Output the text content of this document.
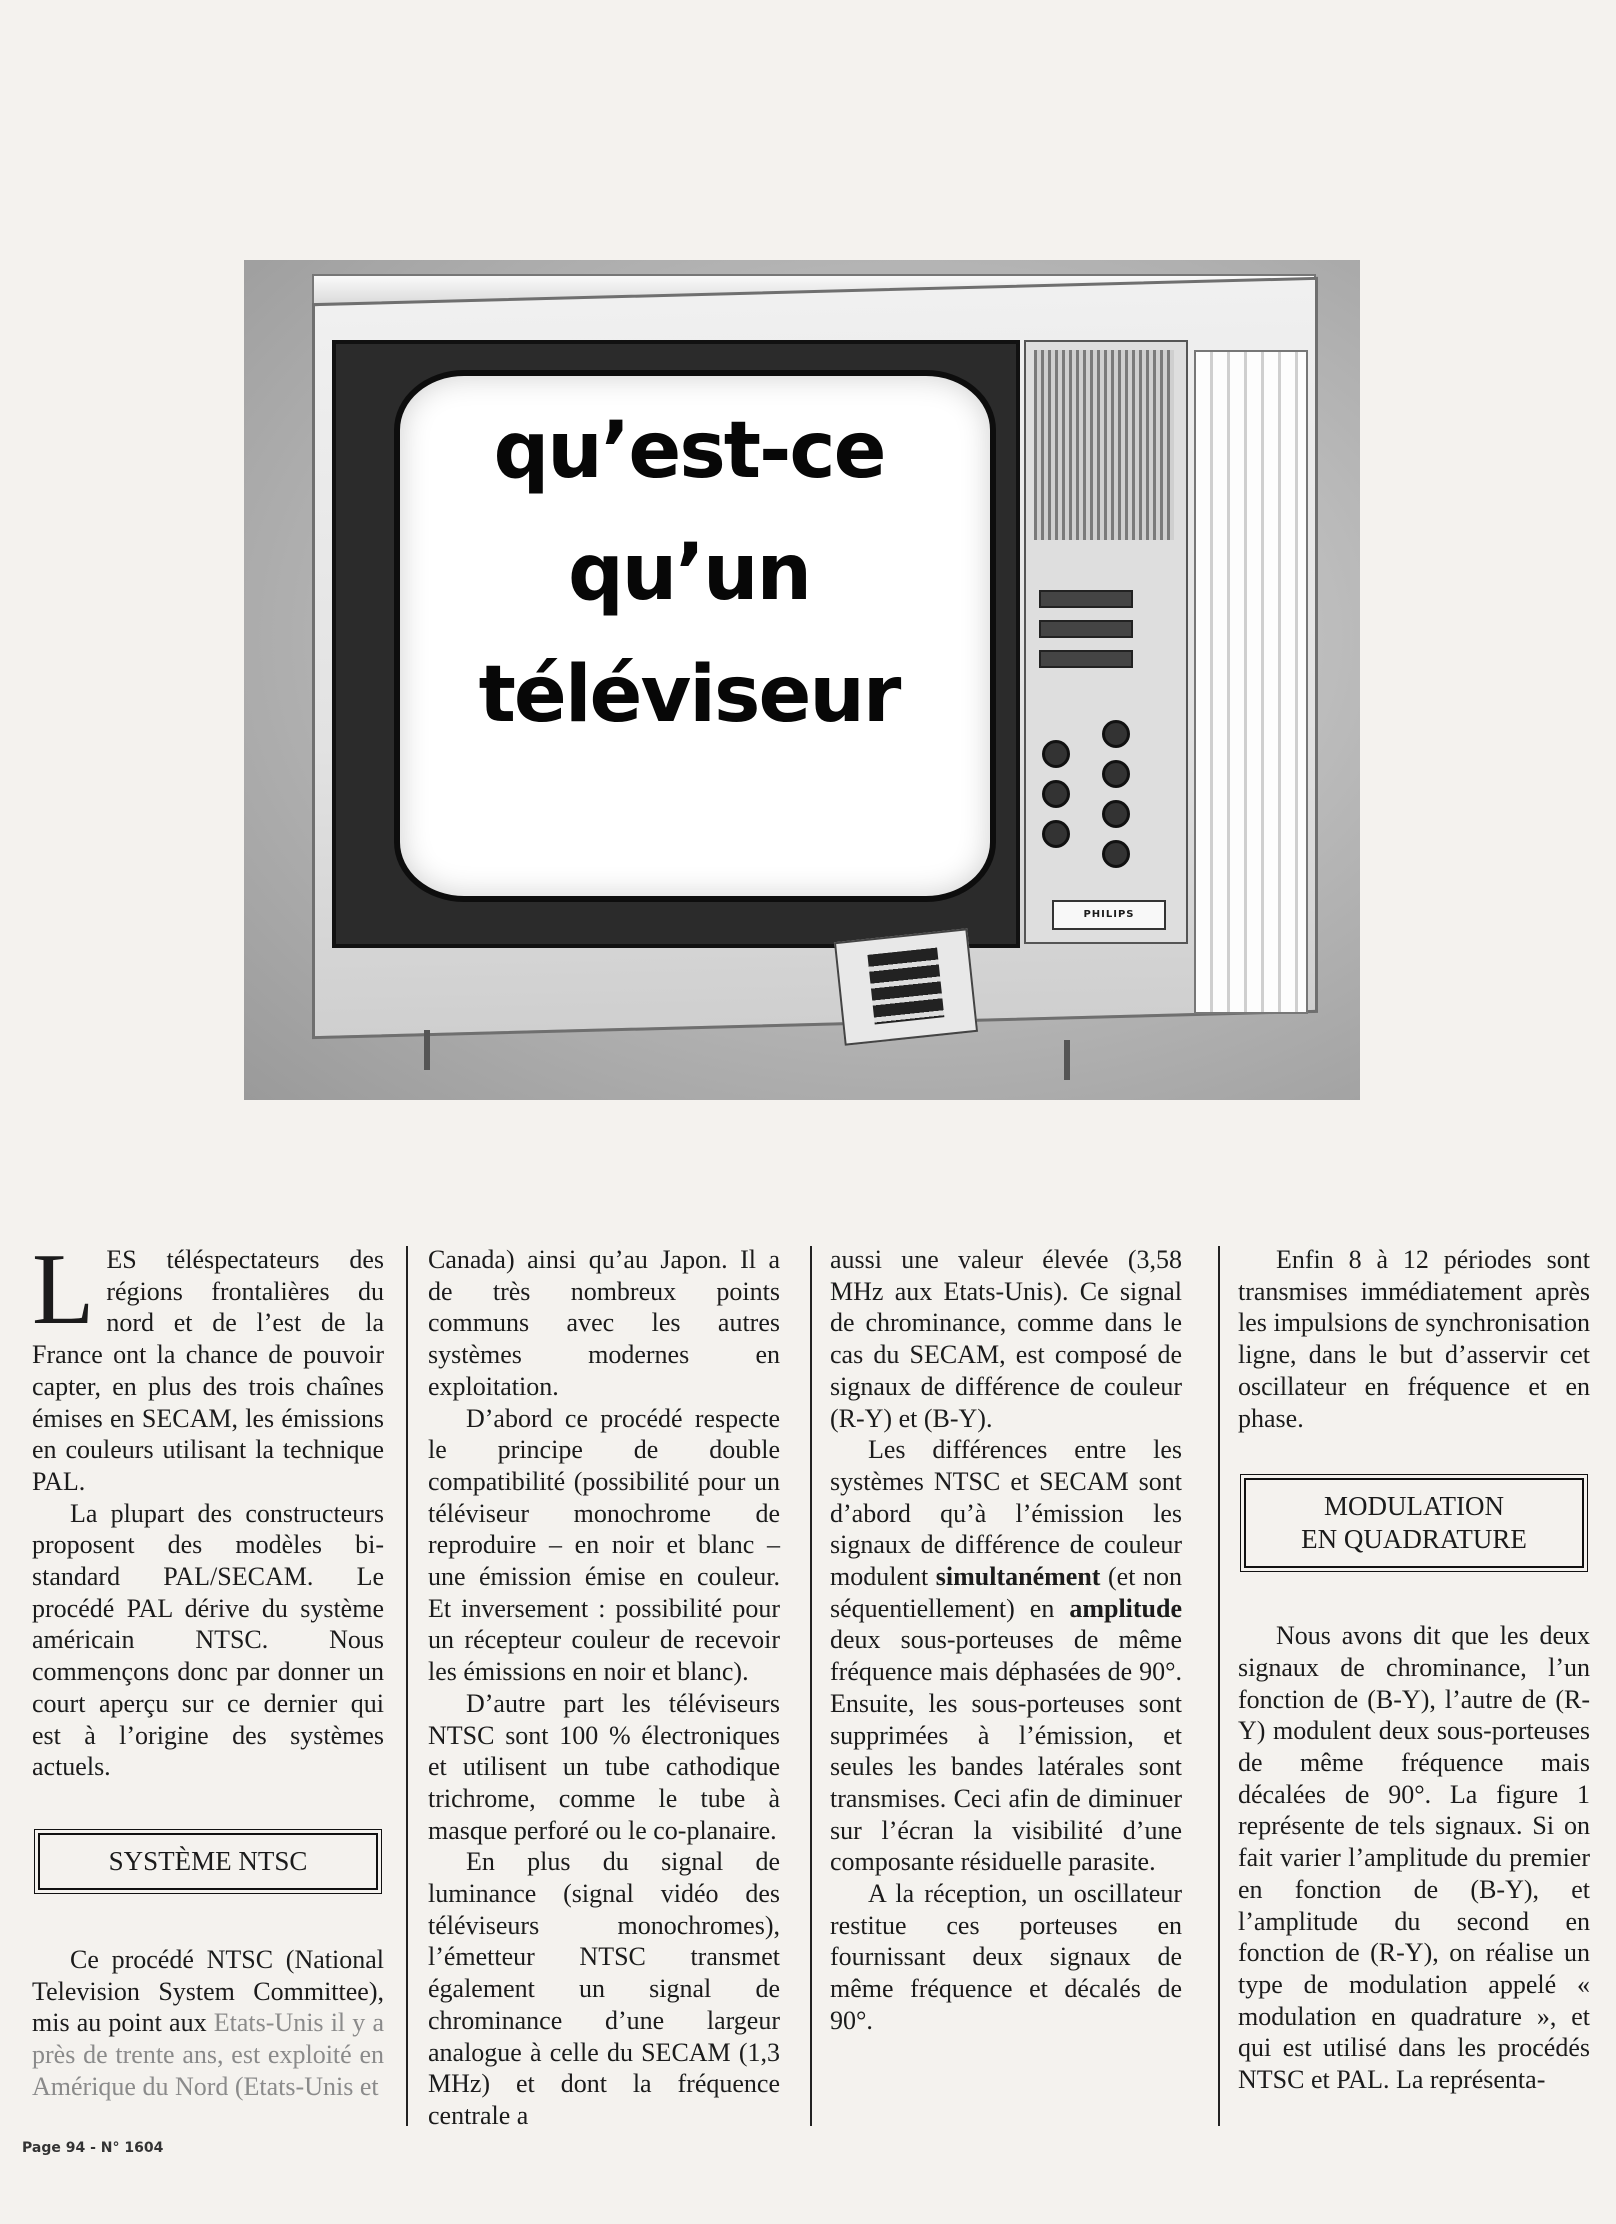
qu’est-ce
qu’un
téléviseur
PHILIPS

LES téléspectateurs des régions frontalières du nord et de l’est de la France ont la chance de pouvoir capter, en plus des trois chaînes émises en SECAM, les émissions en couleurs utilisant la technique PAL.

La plupart des constructeurs proposent des modèles bi-standard PAL/SECAM. Le procédé PAL dérive du système américain NTSC. Nous commençons donc par donner un court aperçu sur ce dernier qui est à l’origine des systèmes actuels.

SYSTÈME NTSC

Ce procédé NTSC (National Television System Committee), mis au point aux Etats-Unis il y a près de trente ans, est exploité en Amérique du Nord (Etats-Unis et

Canada) ainsi qu’au Japon. Il a de très nombreux points communs avec les autres systèmes modernes en exploitation.

D’abord ce procédé respecte le principe de double compatibilité (possibilité pour un téléviseur monochrome de reproduire – en noir et blanc – une émission émise en couleur. Et inversement : possibilité pour un récepteur couleur de recevoir les émissions en noir et blanc).

D’autre part les téléviseurs NTSC sont 100 % électroniques et utilisent un tube cathodique trichrome, comme le tube à masque perforé ou le co-planaire.

En plus du signal de luminance (signal vidéo des téléviseurs monochromes), l’émetteur NTSC transmet également un signal de chrominance d’une largeur analogue à celle du SECAM (1,3 MHz) et dont la fréquence centrale a

aussi une valeur élevée (3,58 MHz aux Etats-Unis). Ce signal de chrominance, comme dans le cas du SECAM, est composé de signaux de différence de couleur (R-Y) et (B-Y).

Les différences entre les systèmes NTSC et SECAM sont d’abord qu’à l’émission les signaux de différence de couleur modulent simultanément (et non séquentiellement) en amplitude deux sous-porteuses de même fréquence mais déphasées de 90°. Ensuite, les sous-porteuses sont supprimées à l’émission, et seules les bandes latérales sont transmises. Ceci afin de diminuer sur l’écran la visibilité d’une composante résiduelle parasite.

A la réception, un oscillateur restitue ces porteuses en fournissant deux signaux de même fréquence et décalés de 90°.

Enfin 8 à 12 périodes sont transmises immédiatement après les impulsions de synchronisation ligne, dans le but d’asservir cet oscillateur en fréquence et en phase.

MODULATION
EN QUADRATURE

Nous avons dit que les deux signaux de chrominance, l’un fonction de (B-Y), l’autre de (R-Y) modulent deux sous-porteuses de même fréquence mais décalées de 90°. La figure 1 représente de tels signaux. Si on fait varier l’amplitude du premier en fonction de (B-Y), et l’amplitude du second en fonction de (R-Y), on réalise un type de modulation appelé « modulation en quadrature », et qui est utilisé dans les procédés NTSC et PAL. La représenta-

Page 94 - N° 1604
